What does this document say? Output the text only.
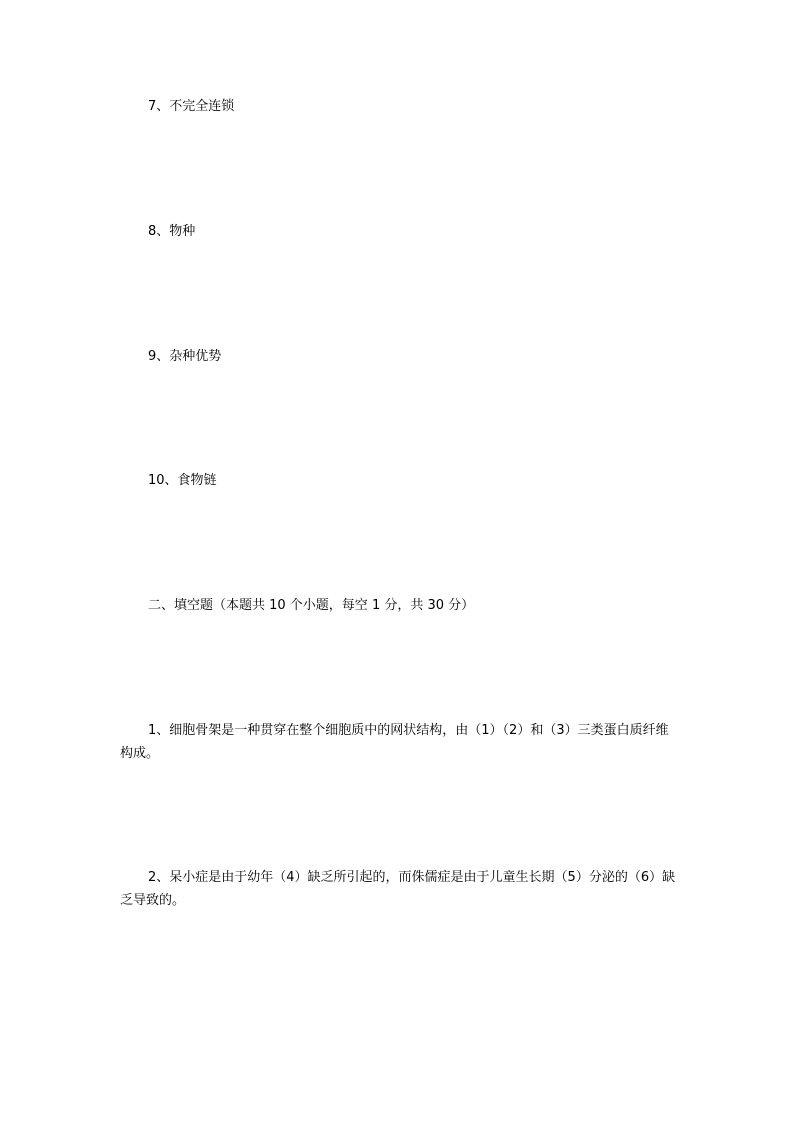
7、不完全连锁
8、物种
9、杂种优势
10、食物链
二、填空题（本题共 10 个小题，每空 1 分，共 30 分）
1、细胞骨架是一种贯穿在整个细胞质中的网状结构，由（1）（2）和（3）三类蛋白质纤维构成。
2、呆小症是由于幼年（4）缺乏所引起的，而侏儒症是由于儿童生长期（5）分泌的（6）缺乏导致的。
